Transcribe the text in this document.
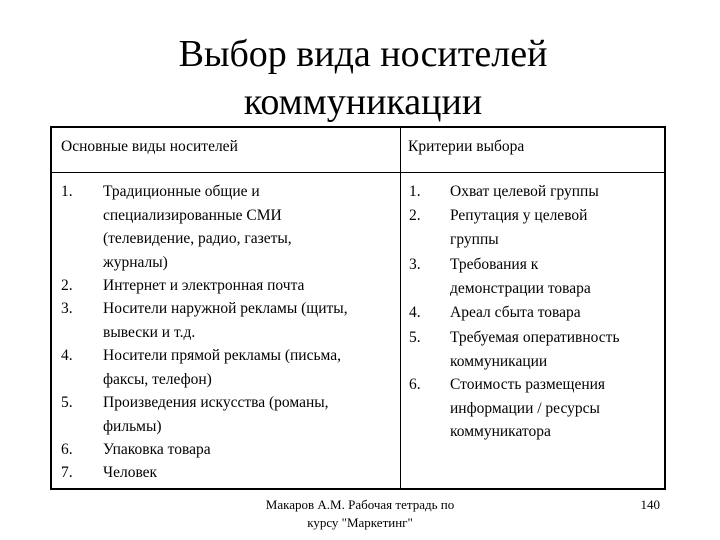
Выбор вида носителей
коммуникации
Основные виды носителей	Критерии выбора
1. Традиционные общие и
специализированные СМИ
(телевидение, радио, газеты,
журналы)
2. Интернет и электронная почта
3. Носители наружной рекламы (щиты,
вывески и т.д.
4. Носители прямой рекламы (письма,
факсы, телефон)
5. Произведения искусства (романы,
фильмы)
6. Упаковка товара
7. Человек
1. Охват целевой группы
2. Репутация у целевой
группы
3. Требования к
демонстрации товара
4. Ареал сбыта товара
5. Требуемая оперативность
коммуникации
6. Стоимость размещения
информации / ресурсы
коммуникатора
Макаров А.М. Рабочая тетрадь по
курсу "Маркетинг"
140
